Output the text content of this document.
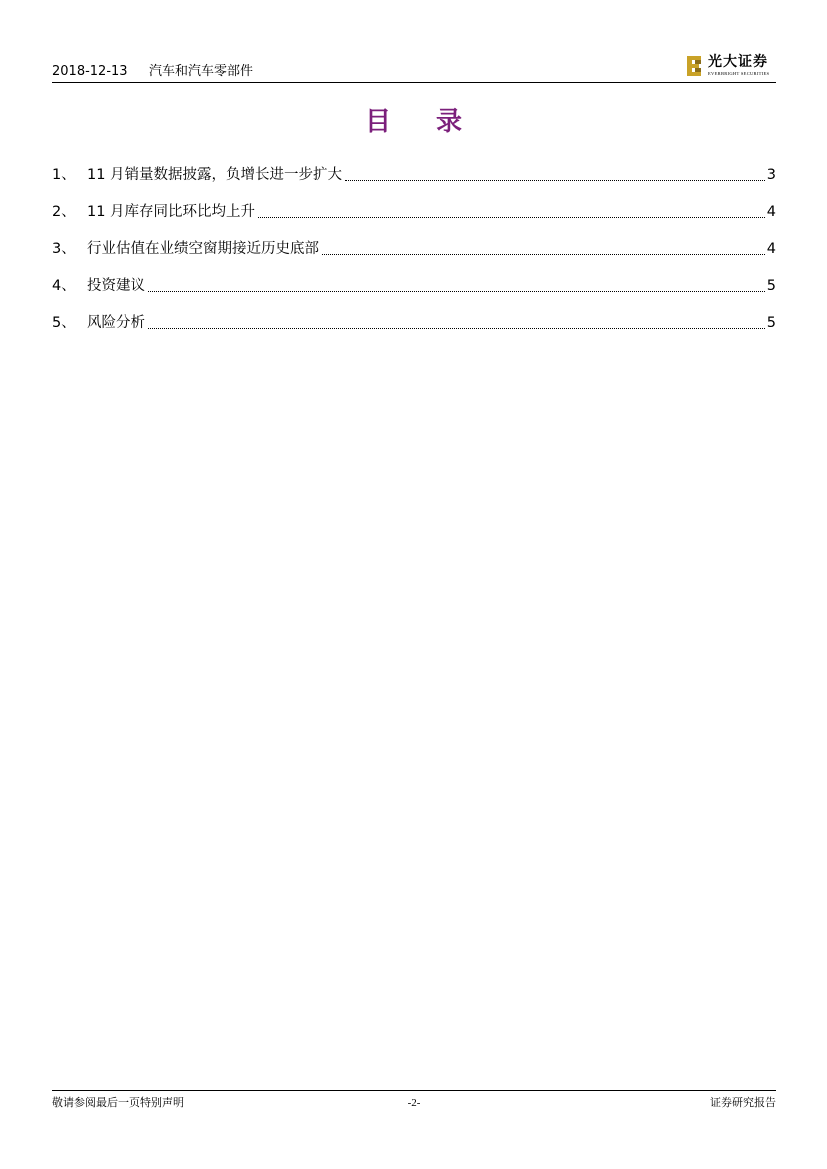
2018-12-13 汽车和汽车零部件
光大证券
EVERBRIGHT SECURITIES
目 录
1、 11 月销量数据披露，负增长进一步扩大	3
2、 11 月库存同比环比均上升	4
3、 行业估值在业绩空窗期接近历史底部	4
4、 投资建议	5
5、 风险分析	5
敬请参阅最后一页特别声明	-2-	证券研究报告
